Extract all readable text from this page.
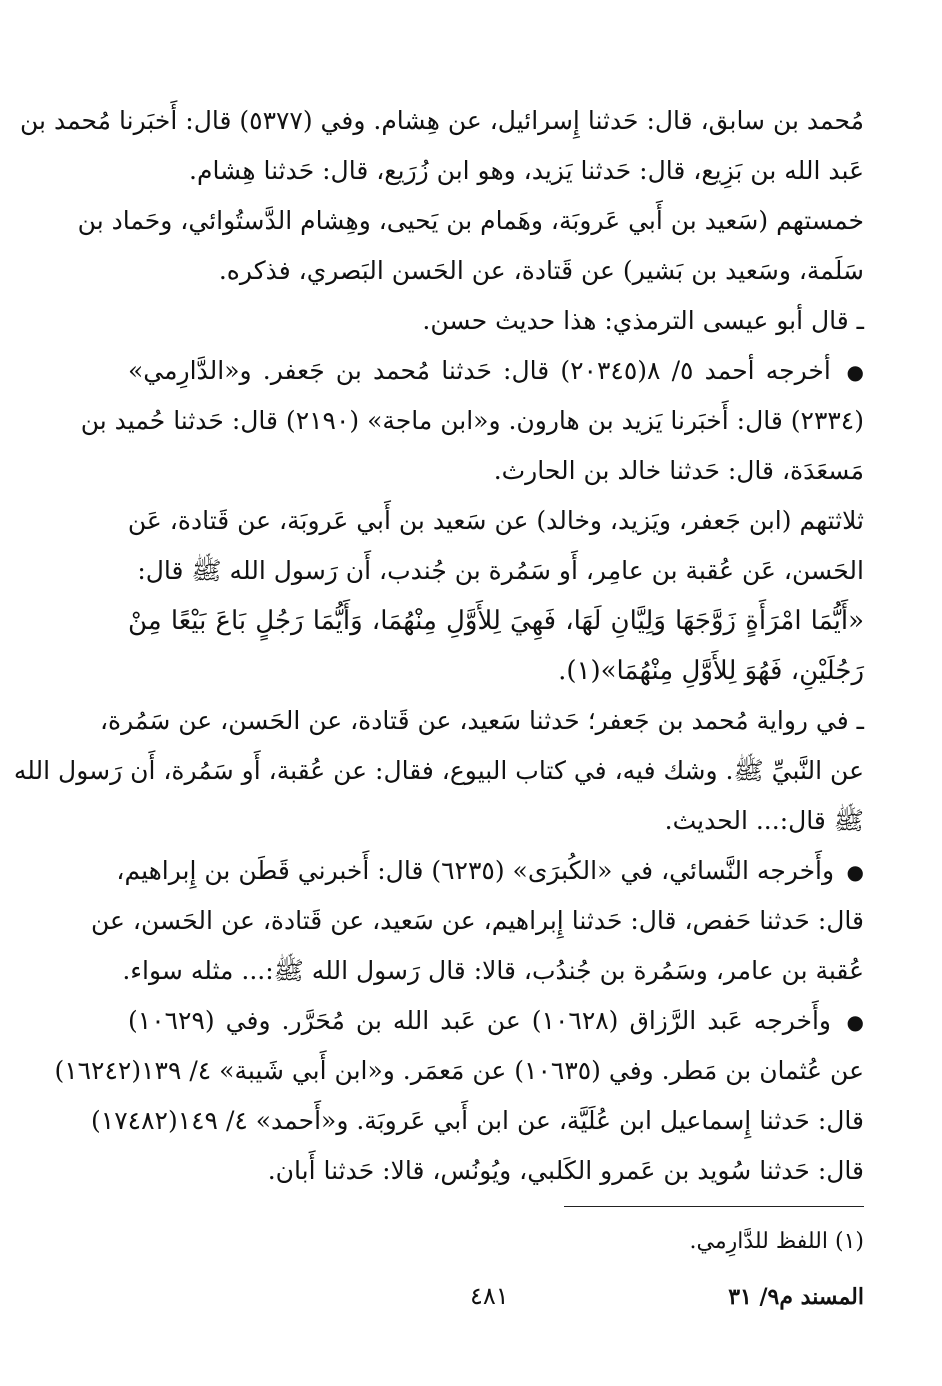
مُحمد بن سابق، قال: حَدثنا إِسرائيل، عن هِشام. وفي (٥٣٧٧) قال: أَخبَرنا مُحمد بن
عَبد الله بن بَزِيع، قال: حَدثنا يَزيد، وهو ابن زُرَيع، قال: حَدثنا هِشام.
خمستهم (سَعيد بن أَبي عَروبَة، وهَمام بن يَحيى، وهِشام الدَّستُوائي، وحَماد بن
سَلَمة، وسَعيد بن بَشير) عن قَتادة، عن الحَسن البَصري، فذكره.
ـ قال أبو عيسى الترمذي: هذا حديث حسن.
● أخرجه أحمد ٥/ ٨(٢٠٣٤٥) قال: حَدثنا مُحمد بن جَعفر. و«الدَّارِمي»
(٢٣٣٤) قال: أَخبَرنا يَزيد بن هارون. و«ابن ماجة» (٢١٩٠) قال: حَدثنا حُميد بن
مَسعَدَة، قال: حَدثنا خالد بن الحارث.
ثلاثتهم (ابن جَعفر، ويَزيد، وخالد) عن سَعيد بن أَبي عَروبَة، عن قَتادة، عَن
الحَسن، عَن عُقبة بن عامِر، أَو سَمُرة بن جُندب، أَن رَسول الله ﷺ قال:
«أَيُّمَا امْرَأَةٍ زَوَّجَهَا وَلِيَّانِ لَهَا، فَهِيَ لِلأَوَّلِ مِنْهُمَا، وَأَيُّمَا رَجُلٍ بَاعَ بَيْعًا مِنْ
رَجُلَيْنِ، فَهُوَ لِلأَوَّلِ مِنْهُمَا»(١).
ـ في رواية مُحمد بن جَعفر؛ حَدثنا سَعيد، عن قَتادة، عن الحَسن، عن سَمُرة،
عن النَّبيِّ ﷺ. وشك فيه، في كتاب البيوع، فقال: عن عُقبة، أَو سَمُرة، أَن رَسول الله
ﷺ قال:... الحديث.
● وأَخرجه النَّسائي، في «الكُبرَى» (٦٢٣٥) قال: أَخبرني قَطَن بن إِبراهيم،
قال: حَدثنا حَفص، قال: حَدثنا إِبراهيم، عن سَعيد، عن قَتادة، عن الحَسن، عن
عُقبة بن عامر، وسَمُرة بن جُندُب، قالا: قال رَسول الله ﷺ:... مثله سواء.
● وأَخرجه عَبد الرَّزاق (١٠٦٢٨) عن عَبد الله بن مُحَرَّر. وفي (١٠٦٢٩)
عن عُثمان بن مَطر. وفي (١٠٦٣٥) عن مَعمَر. و«ابن أَبي شَيبة» ٤/ ١٣٩(١٦٢٤٢)
قال: حَدثنا إِسماعيل ابن عُلَيَّة، عن ابن أَبي عَروبَة. و«أَحمد» ٤/ ١٤٩(١٧٤٨٢)
قال: حَدثنا سُويد بن عَمرو الكَلبي، ويُونُس، قالا: حَدثنا أَبان.
(١) اللفظ للدَّارِمي.
٤٨١	المسند م٩/ ٣١
